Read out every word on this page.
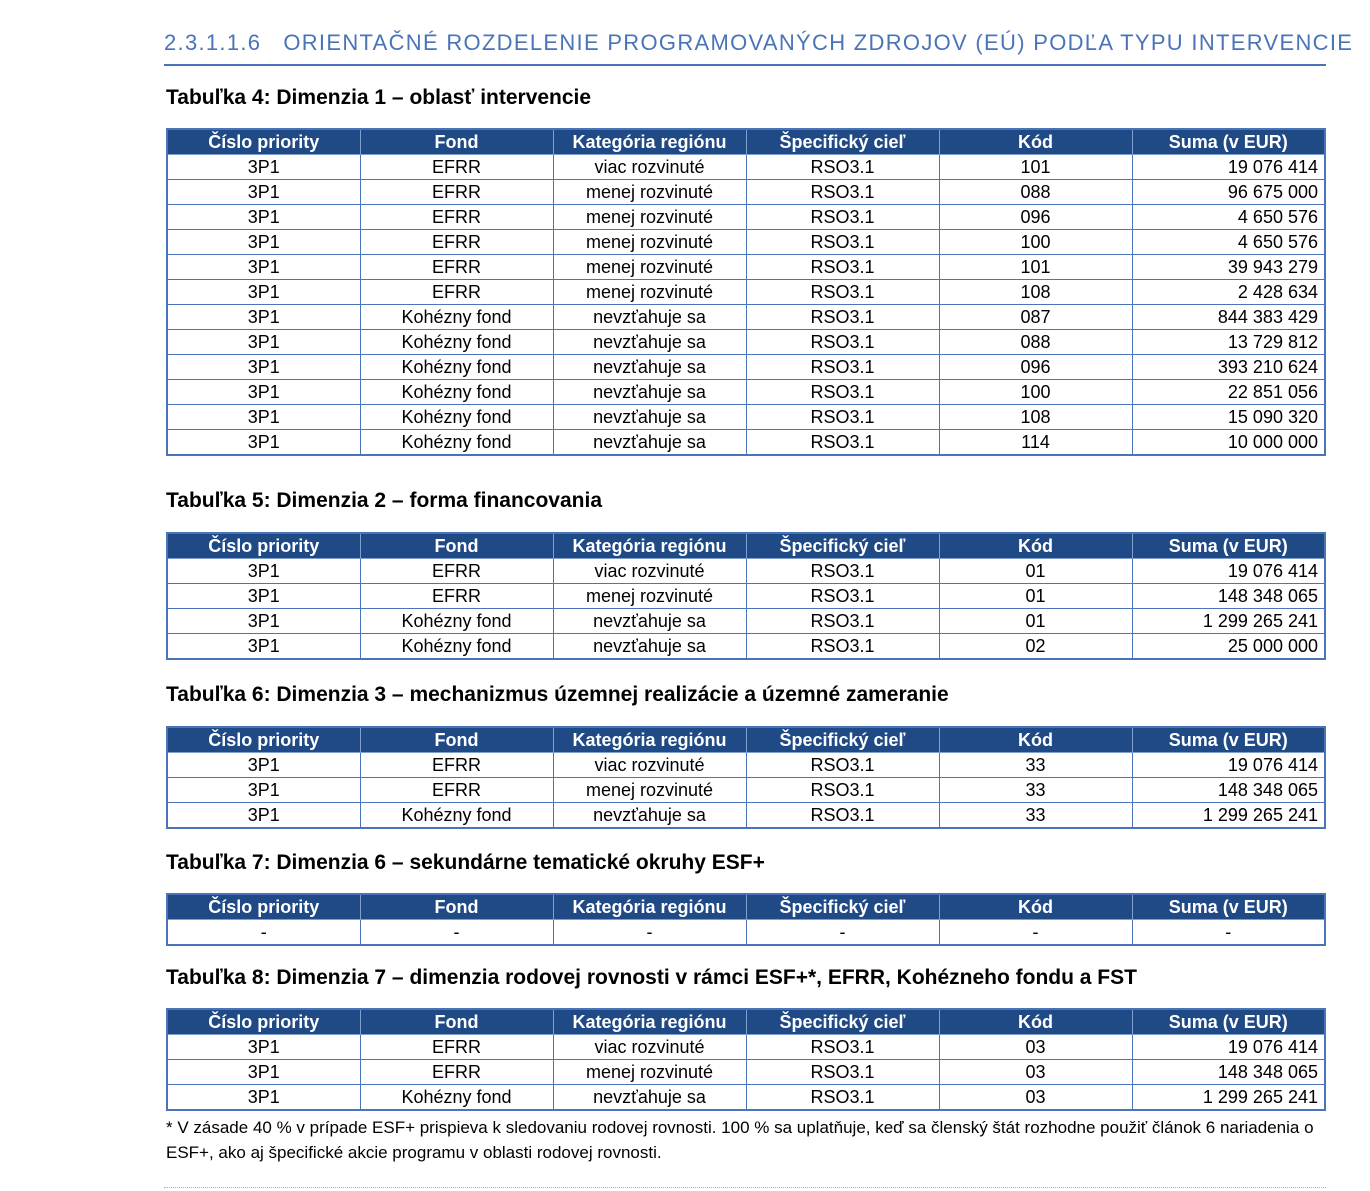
2.3.1.1.6 ORIENTAČNÉ ROZDELENIE PROGRAMOVANÝCH ZDROJOV (EÚ) PODĽA TYPU INTERVENCIE
Tabuľka 4: Dimenzia 1 – oblasť intervencie
Číslo priority	Fond	Kategória regiónu	Špecifický cieľ	Kód	Suma (v EUR)
3P1	EFRR	viac rozvinuté	RSO3.1	101	19 076 414
3P1	EFRR	menej rozvinuté	RSO3.1	088	96 675 000
3P1	EFRR	menej rozvinuté	RSO3.1	096	4 650 576
3P1	EFRR	menej rozvinuté	RSO3.1	100	4 650 576
3P1	EFRR	menej rozvinuté	RSO3.1	101	39 943 279
3P1	EFRR	menej rozvinuté	RSO3.1	108	2 428 634
3P1	Kohézny fond	nevzťahuje sa	RSO3.1	087	844 383 429
3P1	Kohézny fond	nevzťahuje sa	RSO3.1	088	13 729 812
3P1	Kohézny fond	nevzťahuje sa	RSO3.1	096	393 210 624
3P1	Kohézny fond	nevzťahuje sa	RSO3.1	100	22 851 056
3P1	Kohézny fond	nevzťahuje sa	RSO3.1	108	15 090 320
3P1	Kohézny fond	nevzťahuje sa	RSO3.1	114	10 000 000
Tabuľka 5: Dimenzia 2 – forma financovania
Číslo priority	Fond	Kategória regiónu	Špecifický cieľ	Kód	Suma (v EUR)
3P1	EFRR	viac rozvinuté	RSO3.1	01	19 076 414
3P1	EFRR	menej rozvinuté	RSO3.1	01	148 348 065
3P1	Kohézny fond	nevzťahuje sa	RSO3.1	01	1 299 265 241
3P1	Kohézny fond	nevzťahuje sa	RSO3.1	02	25 000 000
Tabuľka 6: Dimenzia 3 – mechanizmus územnej realizácie a územné zameranie
Číslo priority	Fond	Kategória regiónu	Špecifický cieľ	Kód	Suma (v EUR)
3P1	EFRR	viac rozvinuté	RSO3.1	33	19 076 414
3P1	EFRR	menej rozvinuté	RSO3.1	33	148 348 065
3P1	Kohézny fond	nevzťahuje sa	RSO3.1	33	1 299 265 241
Tabuľka 7: Dimenzia 6 – sekundárne tematické okruhy ESF+
Číslo priority	Fond	Kategória regiónu	Špecifický cieľ	Kód	Suma (v EUR)
-	-	-	-	-	-
Tabuľka 8: Dimenzia 7 – dimenzia rodovej rovnosti v rámci ESF+*, EFRR, Kohézneho fondu a FST
Číslo priority	Fond	Kategória regiónu	Špecifický cieľ	Kód	Suma (v EUR)
3P1	EFRR	viac rozvinuté	RSO3.1	03	19 076 414
3P1	EFRR	menej rozvinuté	RSO3.1	03	148 348 065
3P1	Kohézny fond	nevzťahuje sa	RSO3.1	03	1 299 265 241
* V zásade 40 % v prípade ESF+ prispieva k sledovaniu rodovej rovnosti. 100 % sa uplatňuje, keď sa členský štát rozhodne použiť článok 6 nariadenia o ESF+, ako aj špecifické akcie programu v oblasti rodovej rovnosti.
